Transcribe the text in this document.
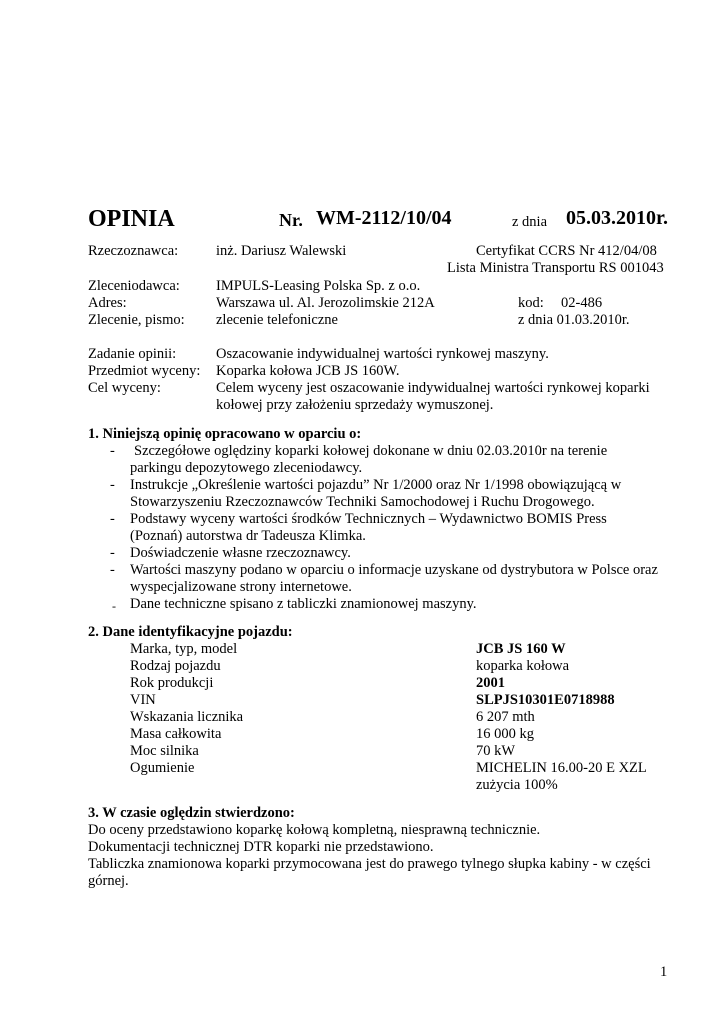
OPINIA	Nr. WM-2112/10/04	z dnia 05.03.2010r.
Rzeczoznawca:	inż. Dariusz Walewski	Certyfikat CCRS Nr 412/04/08
Lista Ministra Transportu RS 001043
Zleceniodawca: IMPULS-Leasing Polska Sp. z o.o.
Adres:	Warszawa ul. Al. Jerozolimskie 212A	kod: 02-486
Zlecenie, pismo: zlecenie telefoniczne	z dnia 01.03.2010r.
Zadanie opinii:	Oszacowanie indywidualnej wartości rynkowej maszyny.
Przedmiot wyceny: Koparka kołowa JCB JS 160W.
Cel wyceny:	Celem wyceny jest oszacowanie indywidualnej wartości rynkowej koparki
kołowej przy założeniu sprzedaży wymuszonej.
1. Niniejszą opinię opracowano w oparciu o:
- Szczegółowe oględziny koparki kołowej dokonane w dniu 02.03.2010r na terenie
parkingu depozytowego zleceniodawcy.
- Instrukcje „Określenie wartości pojazdu” Nr 1/2000 oraz Nr 1/1998 obowiązującą w
Stowarzyszeniu Rzeczoznawców Techniki Samochodowej i Ruchu Drogowego.
- Podstawy wyceny wartości środków Technicznych – Wydawnictwo BOMIS Press
(Poznań) autorstwa dr Tadeusza Klimka.
- Doświadczenie własne rzeczoznawcy.
- Wartości maszyny podano w oparciu o informacje uzyskane od dystrybutora w Polsce oraz
wyspecjalizowane strony internetowe.
- Dane techniczne spisano z tabliczki znamionowej maszyny.
2. Dane identyfikacyjne pojazdu:
Marka, typ, model	JCB JS 160 W
Rodzaj pojazdu	koparka kołowa
Rok produkcji	2001
VIN	SLPJS10301E0718988
Wskazania licznika	6 207 mth
Masa całkowita	16 000 kg
Moc silnika	70 kW
Ogumienie	MICHELIN 16.00-20 E XZL
zużycia 100%
3. W czasie oględzin stwierdzono:
Do oceny przedstawiono koparkę kołową kompletną, niesprawną technicznie.
Dokumentacji technicznej DTR koparki nie przedstawiono.
Tabliczka znamionowa koparki przymocowana jest do prawego tylnego słupka kabiny - w części
górnej.
1
